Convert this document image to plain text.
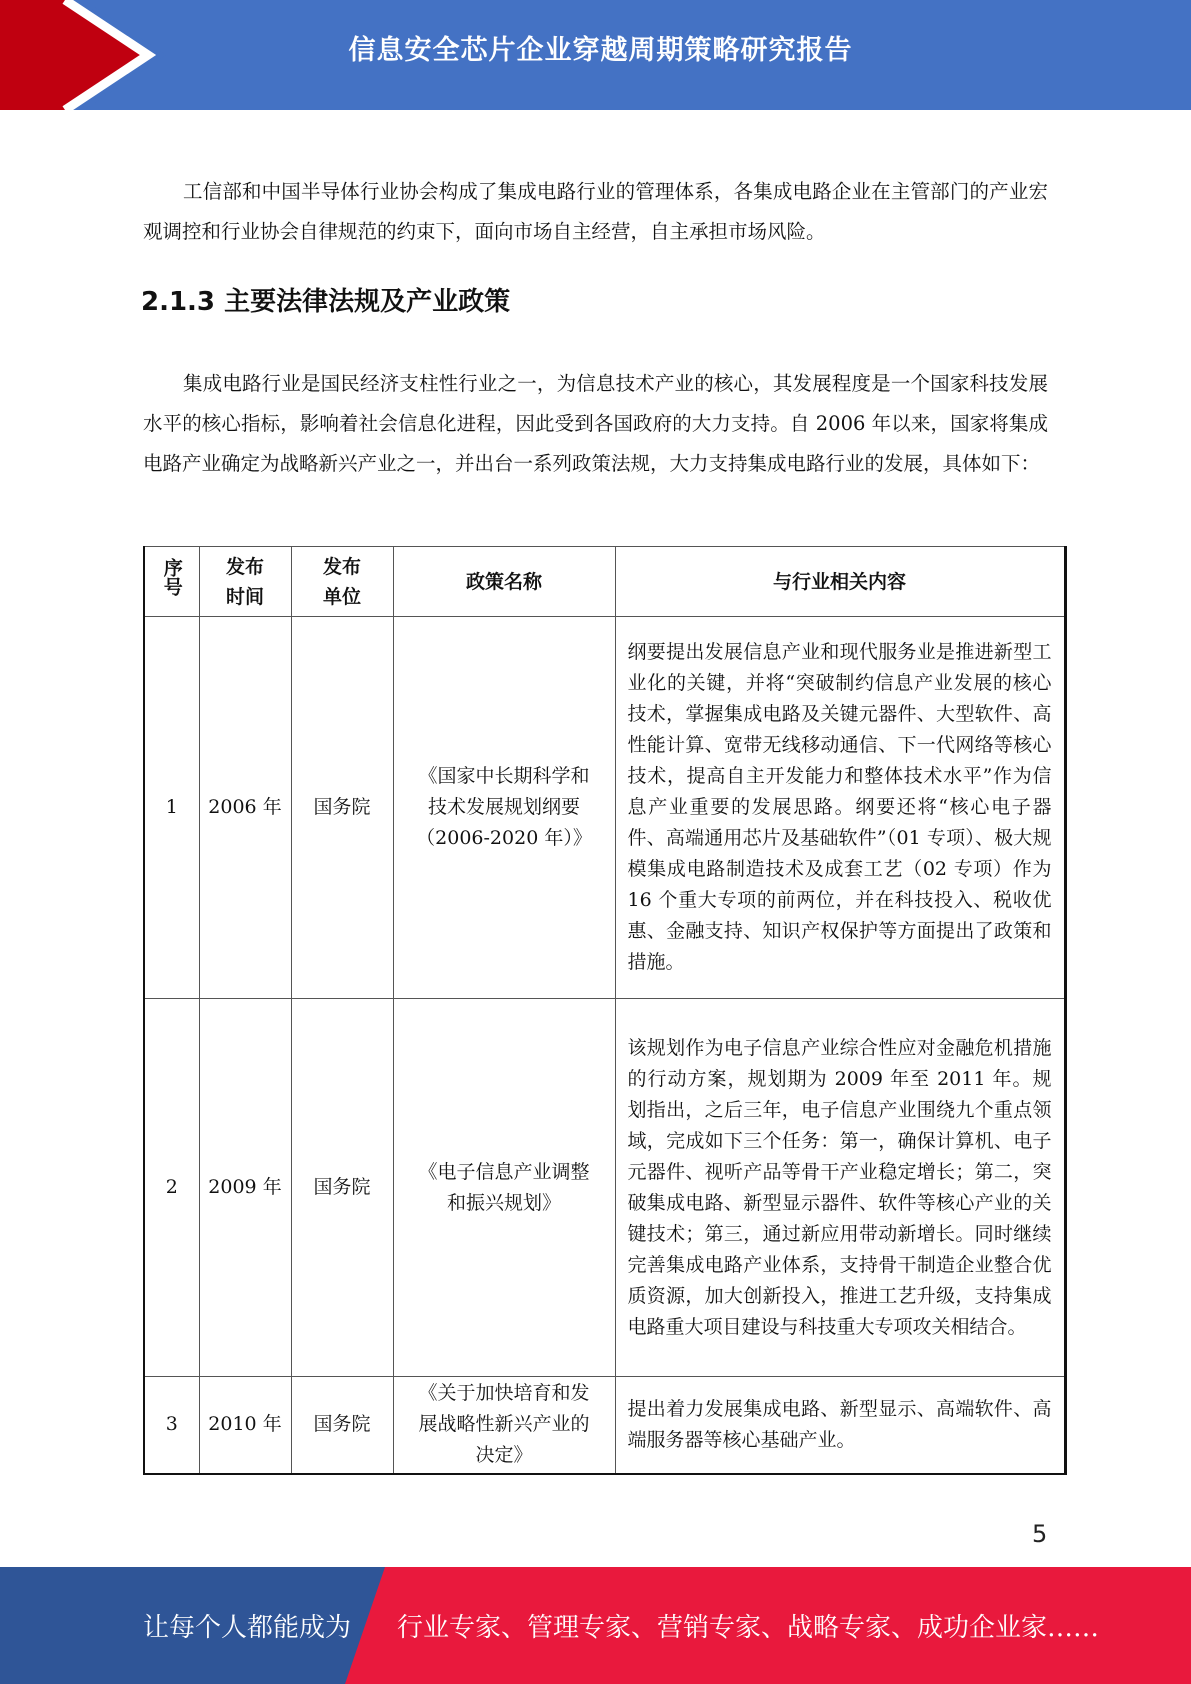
信息安全芯片企业穿越周期策略研究报告

工信部和中国半导体行业协会构成了集成电路行业的管理体系，各集成电路企业在主管部门的产业宏观调控和行业协会自律规范的约束下，面向市场自主经营，自主承担市场风险。

2.1.3 主要法律法规及产业政策

集成电路行业是国民经济支柱性行业之一，为信息技术产业的核心，其发展程度是一个国家科技发展水平的核心指标，影响着社会信息化进程，因此受到各国政府的大力支持。自 2006 年以来，国家将集成电路产业确定为战略新兴产业之一，并出台一系列政策法规，大力支持集成电路行业的发展，具体如下：

序号	发布时间	发布单位	政策名称	与行业相关内容
1	2006 年	国务院	《国家中长期科学和技术发展规划纲要（2006-2020 年）》	纲要提出发展信息产业和现代服务业是推进新型工业化的关键，并将“突破制约信息产业发展的核心技术，掌握集成电路及关键元器件、大型软件、高性能计算、宽带无线移动通信、下一代网络等核心技术，提高自主开发能力和整体技术水平”作为信息产业重要的发展思路。纲要还将“核心电子器件、高端通用芯片及基础软件”（01 专项）、极大规模集成电路制造技术及成套工艺（02 专项）作为 16 个重大专项的前两位，并在科技投入、税收优惠、金融支持、知识产权保护等方面提出了政策和措施。
2	2009 年	国务院	《电子信息产业调整和振兴规划》	该规划作为电子信息产业综合性应对金融危机措施的行动方案，规划期为 2009 年至 2011 年。规划指出，之后三年，电子信息产业围绕九个重点领域，完成如下三个任务：第一，确保计算机、电子元器件、视听产品等骨干产业稳定增长；第二，突破集成电路、新型显示器件、软件等核心产业的关键技术；第三，通过新应用带动新增长。同时继续完善集成电路产业体系，支持骨干制造企业整合优质资源，加大创新投入，推进工艺升级，支持集成电路重大项目建设与科技重大专项攻关相结合。
3	2010 年	国务院	《关于加快培育和发展战略性新兴产业的决定》	提出着力发展集成电路、新型显示、高端软件、高端服务器等核心基础产业。
5
让每个人都能成为 行业专家、管理专家、营销专家、战略专家、成功企业家……
